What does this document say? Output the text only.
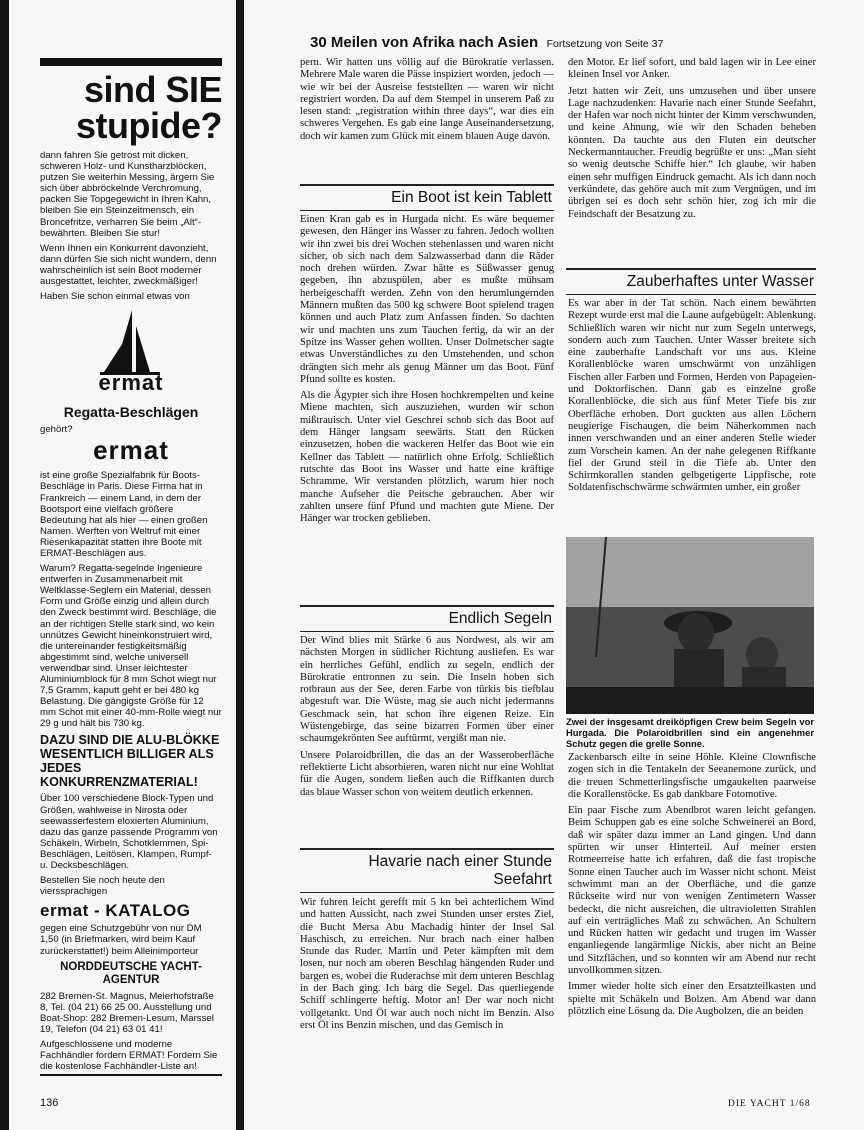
30 Meilen von Afrika nach Asien Fortsetzung von Seite 37
sind SIE
stupide?

dann fahren Sie getrost mit dicken, schweren Holz- und Kunstharzblöcken, putzen Sie weiterhin Messing, ärgern Sie sich über abbröckelnde Verchromung, packen Sie Topgegewicht in Ihren Kahn, bleiben Sie ein Steinzeitmensch, ein Broncefritze, verharren Sie beim „Alt“-bewährten. Bleiben Sie stur!

Wenn Ihnen ein Konkurrent davonzieht, dann dürfen Sie sich nicht wundern, denn wahrscheinlich ist sein Boot moderner ausgestattet, leichter, zweckmäßiger!

Haben Sie schon einmal etwas von

ermat
Regatta-Beschlägen

gehört?

ermat

ist eine große Spezialfabrik für Boots-Beschläge in Paris. Diese Firma hat in Frankreich — einem Land, in dem der Bootsport eine vielfach größere Bedeutung hat als hier — einen großen Namen. Werften von Weltruf mit einer Riesenkapazität statten ihre Boote mit ERMAT-Beschlägen aus.

Warum? Regatta-segelnde Ingenieure entwerfen in Zusammenarbeit mit Weltklasse-Seglern ein Material, dessen Form und Größe einzig und allein durch den Zweck bestimmt wird. Beschläge, die an der richtigen Stelle stark sind, wo kein unnützes Gewicht hineinkonstruiert wird, die untereinander festigkeitsmäßig abgestimmt sind, welche universell verwendbar sind. Unser leichtester Aluminiumblock für 8 mm Schot wiegt nur 7,5 Gramm, kaputt geht er bei 480 kg Belastung. Die gängigste Größe für 12 mm Schot mit einer 40-mm-Rolle wiegt nur 29 g und hält bis 730 kg.

DAZU SIND DIE ALU-BLÖKKE WESENTLICH BILLIGER ALS JEDES KONKURRENZMATERIAL!

Über 100 verschiedene Block-Typen und Größen, wahlweise in Nirosta oder seewasserfestem eloxierten Aluminium, dazu das ganze passende Programm von Schäkeln, Wirbeln, Schotklemmen, Spi-Beschlägen, Leitösen, Klampen, Rumpf- u. Decksbeschlägen.

Bestellen Sie noch heute den vierssprachigen

ermat - KATALOG

gegen eine Schutzgebühr von nur DM 1,50 (in Briefmarken, wird beim Kauf zurückerstattet!) beim Alleinimporteur

NORDDEUTSCHE YACHT-AGENTUR

282 Bremen-St. Magnus, Meierhofstraße 8, Tel. (04 21) 66 25 00. Ausstellung und Boat-Shop: 282 Bremen-Lesum, Marssel 19, Telefon (04 21) 63 01 41!

Aufgeschlossene und moderne Fachhändler fordern ERMAT! Fordern Sie die kostenlose Fachhändler-Liste an!

pern. Wir hatten uns völlig auf die Bürokratie verlassen. Mehrere Male waren die Pässe inspiziert worden, jedoch — wie wir bei der Ausreise feststellten — waren wir nicht registriert worden. Da auf dem Stempel in unserem Paß zu lesen stand: „registration within three days“, war dies ein schweres Vergehen. Es gab eine lange Auseinandersetzung, doch wir kamen zum Glück mit einem blauen Auge davon.

Ein Boot ist kein Tablett

Einen Kran gab es in Hurgada nicht. Es wäre bequemer gewesen, den Hänger ins Wasser zu fahren. Jedoch wollten wir ihn zwei bis drei Wochen stehenlassen und waren nicht sicher, ob sich nach dem Salzwasserbad dann die Räder noch drehen würden. Zwar hätte es Süßwasser genug gegeben, ihn abzuspülen, aber es mußte mühsam herbeigeschafft werden. Zehn von den herumlungernden Männern mußten das 500 kg schwere Boot spielend tragen können und auch Platz zum Anfassen finden. So dachten wir und machten uns zum Tauchen fertig, da wir an der Spitze ins Wasser gehen wollten. Unser Dolmetscher sagte etwas Unverständliches zu den Umstehenden, und schon drängten sich mehr als genug Männer um das Boot. Fünf Pfund sollte es kosten.

Als die Ägypter sich ihre Hosen hochkrempelten und keine Miene machten, sich auszuziehen, wurden wir schon mißtrauisch. Unter viel Geschrei schob sich das Boot auf dem Hänger langsam seewärts. Statt den Rücken einzusetzen, hoben die wackeren Helfer das Boot wie ein Kellner das Tablett — natürlich ohne Erfolg. Schließlich rutschte das Boot ins Wasser und hatte eine kräftige Schramme. Wir verstanden plötzlich, warum hier noch manche Aufseher die Peitsche gebrauchen. Aber wir zahlten unsere fünf Pfund und machten gute Miene. Der Hänger war trocken geblieben.

Endlich Segeln

Der Wind blies mit Stärke 6 aus Nordwest, als wir am nächsten Morgen in südlicher Richtung ausliefen. Es war ein herrliches Gefühl, endlich zu segeln, endlich der Bürokratie entronnen zu sein. Die Inseln hoben sich rotbraun aus der See, deren Farbe von türkis bis tiefblau abgestuft war. Die Wüste, mag sie auch nicht jedermanns Geschmack sein, hat schon ihre eigenen Reize. Ein Wüstengebirge, das seine bizarren Formen über einer schaumgekrönten See auftürmt, vergißt man nie.

Unsere Polaroidbrillen, die das an der Wasseroberfläche reflektierte Licht absorbieren, waren nicht nur eine Wohltat für die Augen, sondern ließen auch die Riffkanten durch das blaue Wasser schon von weitem deutlich erkennen.

Havarie nach einer Stunde
Seefahrt

Wir fuhren leicht gerefft mit 5 kn bei achterlichem Wind und hatten Aussicht, nach zwei Stunden unser erstes Ziel, die Bucht Mersa Abu Machadig hinter der Insel Sal Haschisch, zu erreichen. Nur brach nach einer halben Stunde das Ruder. Martin und Peter kämpften mit dem losen, nur noch am oberen Beschlag hängenden Ruder und bargen es, wobei die Ruderachse mit dem unteren Beschlag in der Bach ging. Ich barg die Segel. Das querliegende Schiff schlingerte heftig. Motor an! Der war noch nicht vollgetankt. Und Öl war auch noch nicht im Benzin. Also erst Öl ins Benzin mischen, und das Gemisch in

den Motor. Er lief sofort, und bald lagen wir in Lee einer kleinen Insel vor Anker.

Jetzt hatten wir Zeit, uns umzusehen und über unsere Lage nachzudenken: Havarie nach einer Stunde Seefahrt, der Hafen war noch nicht hinter der Kimm verschwunden, und keine Ahnung, wie wir den Schaden beheben könnten. Da tauchte aus den Fluten ein deutscher Neckermanntaucher. Freudig begrüßte er uns: „Man sieht so wenig deutsche Schiffe hier.“ Ich glaube, wir haben einen sehr muffigen Eindruck gemacht. Als ich dann noch verkündete, das gehöre auch mit zum Vergnügen, und im übrigen sei es doch sehr schön hier, zog ich mir die Feindschaft der Besatzung zu.

Zauberhaftes unter Wasser

Es war aber in der Tat schön. Nach einem bewährten Rezept wurde erst mal die Laune aufgebügelt: Ablenkung. Schließlich waren wir nicht nur zum Segeln unterwegs, sondern auch zum Tauchen. Unter Wasser breitete sich eine zauberhafte Landschaft vor uns aus. Kleine Korallenblöcke waren umschwärmt von unzähligen Fischen aller Farben und Formen, Herden von Papageien- und Doktorfischen. Dann gab es einzelne große Korallenblöcke, die sich aus fünf Meter Tiefe bis zur Oberfläche erhoben. Dort guckten aus allen Löchern neugierige Fischaugen, die beim Näherkommen nach innen verschwanden und an einer anderen Stelle wieder zum Vorschein kamen. An der nahe gelegenen Riffkante fiel der Grund steil in die Tiefe ab. Unter den Schirmkorallen standen gelbgetigerte Lippfische, rote Soldatenfischschwärme schwärmten umher, ein großer

Zwei der insgesamt dreiköpfigen Crew beim Segeln vor Hurgada. Die Polaroidbrillen sind ein angenehmer Schutz gegen die grelle Sonne.

Zackenbarsch eilte in seine Höhle. Kleine Clownfische zogen sich in die Tentakeln der Seeanemone zurück, und die treuen Schmetterlingsfische umgaukelten paarweise die Korallenstöcke. Es gab dankbare Fotomotive.

Ein paar Fische zum Abendbrot waren leicht gefangen. Beim Schuppen gab es eine solche Schweinerei an Bord, daß wir später dazu immer an Land gingen. Und dann spürten wir unser Hinterteil. Auf meiner ersten Rotmeerreise hatte ich erfahren, daß die fast tropische Sonne einen Taucher auch im Wasser nicht schont. Meist schwimmt man an der Oberfläche, und die ganze Rückseite wird nur von wenigen Zentimetern Wasser bedeckt, die nicht ausreichen, die ultravioletten Strahlen auf ein verträgliches Maß zu schwächen. An Schultern und Rücken hatten wir gedacht und trugen im Wasser enganliegende langärmlige Nickis, aber nicht an Beine und Sitzflächen, und so konnten wir am Abend nur recht unvollkommen sitzen.

Immer wieder holte sich einer den Ersatzteilkasten und spielte mit Schäkeln und Bolzen. Am Abend war dann plötzlich eine Lösung da. Die Augbolzen, die an beiden

136	DIE YACHT 1/68
